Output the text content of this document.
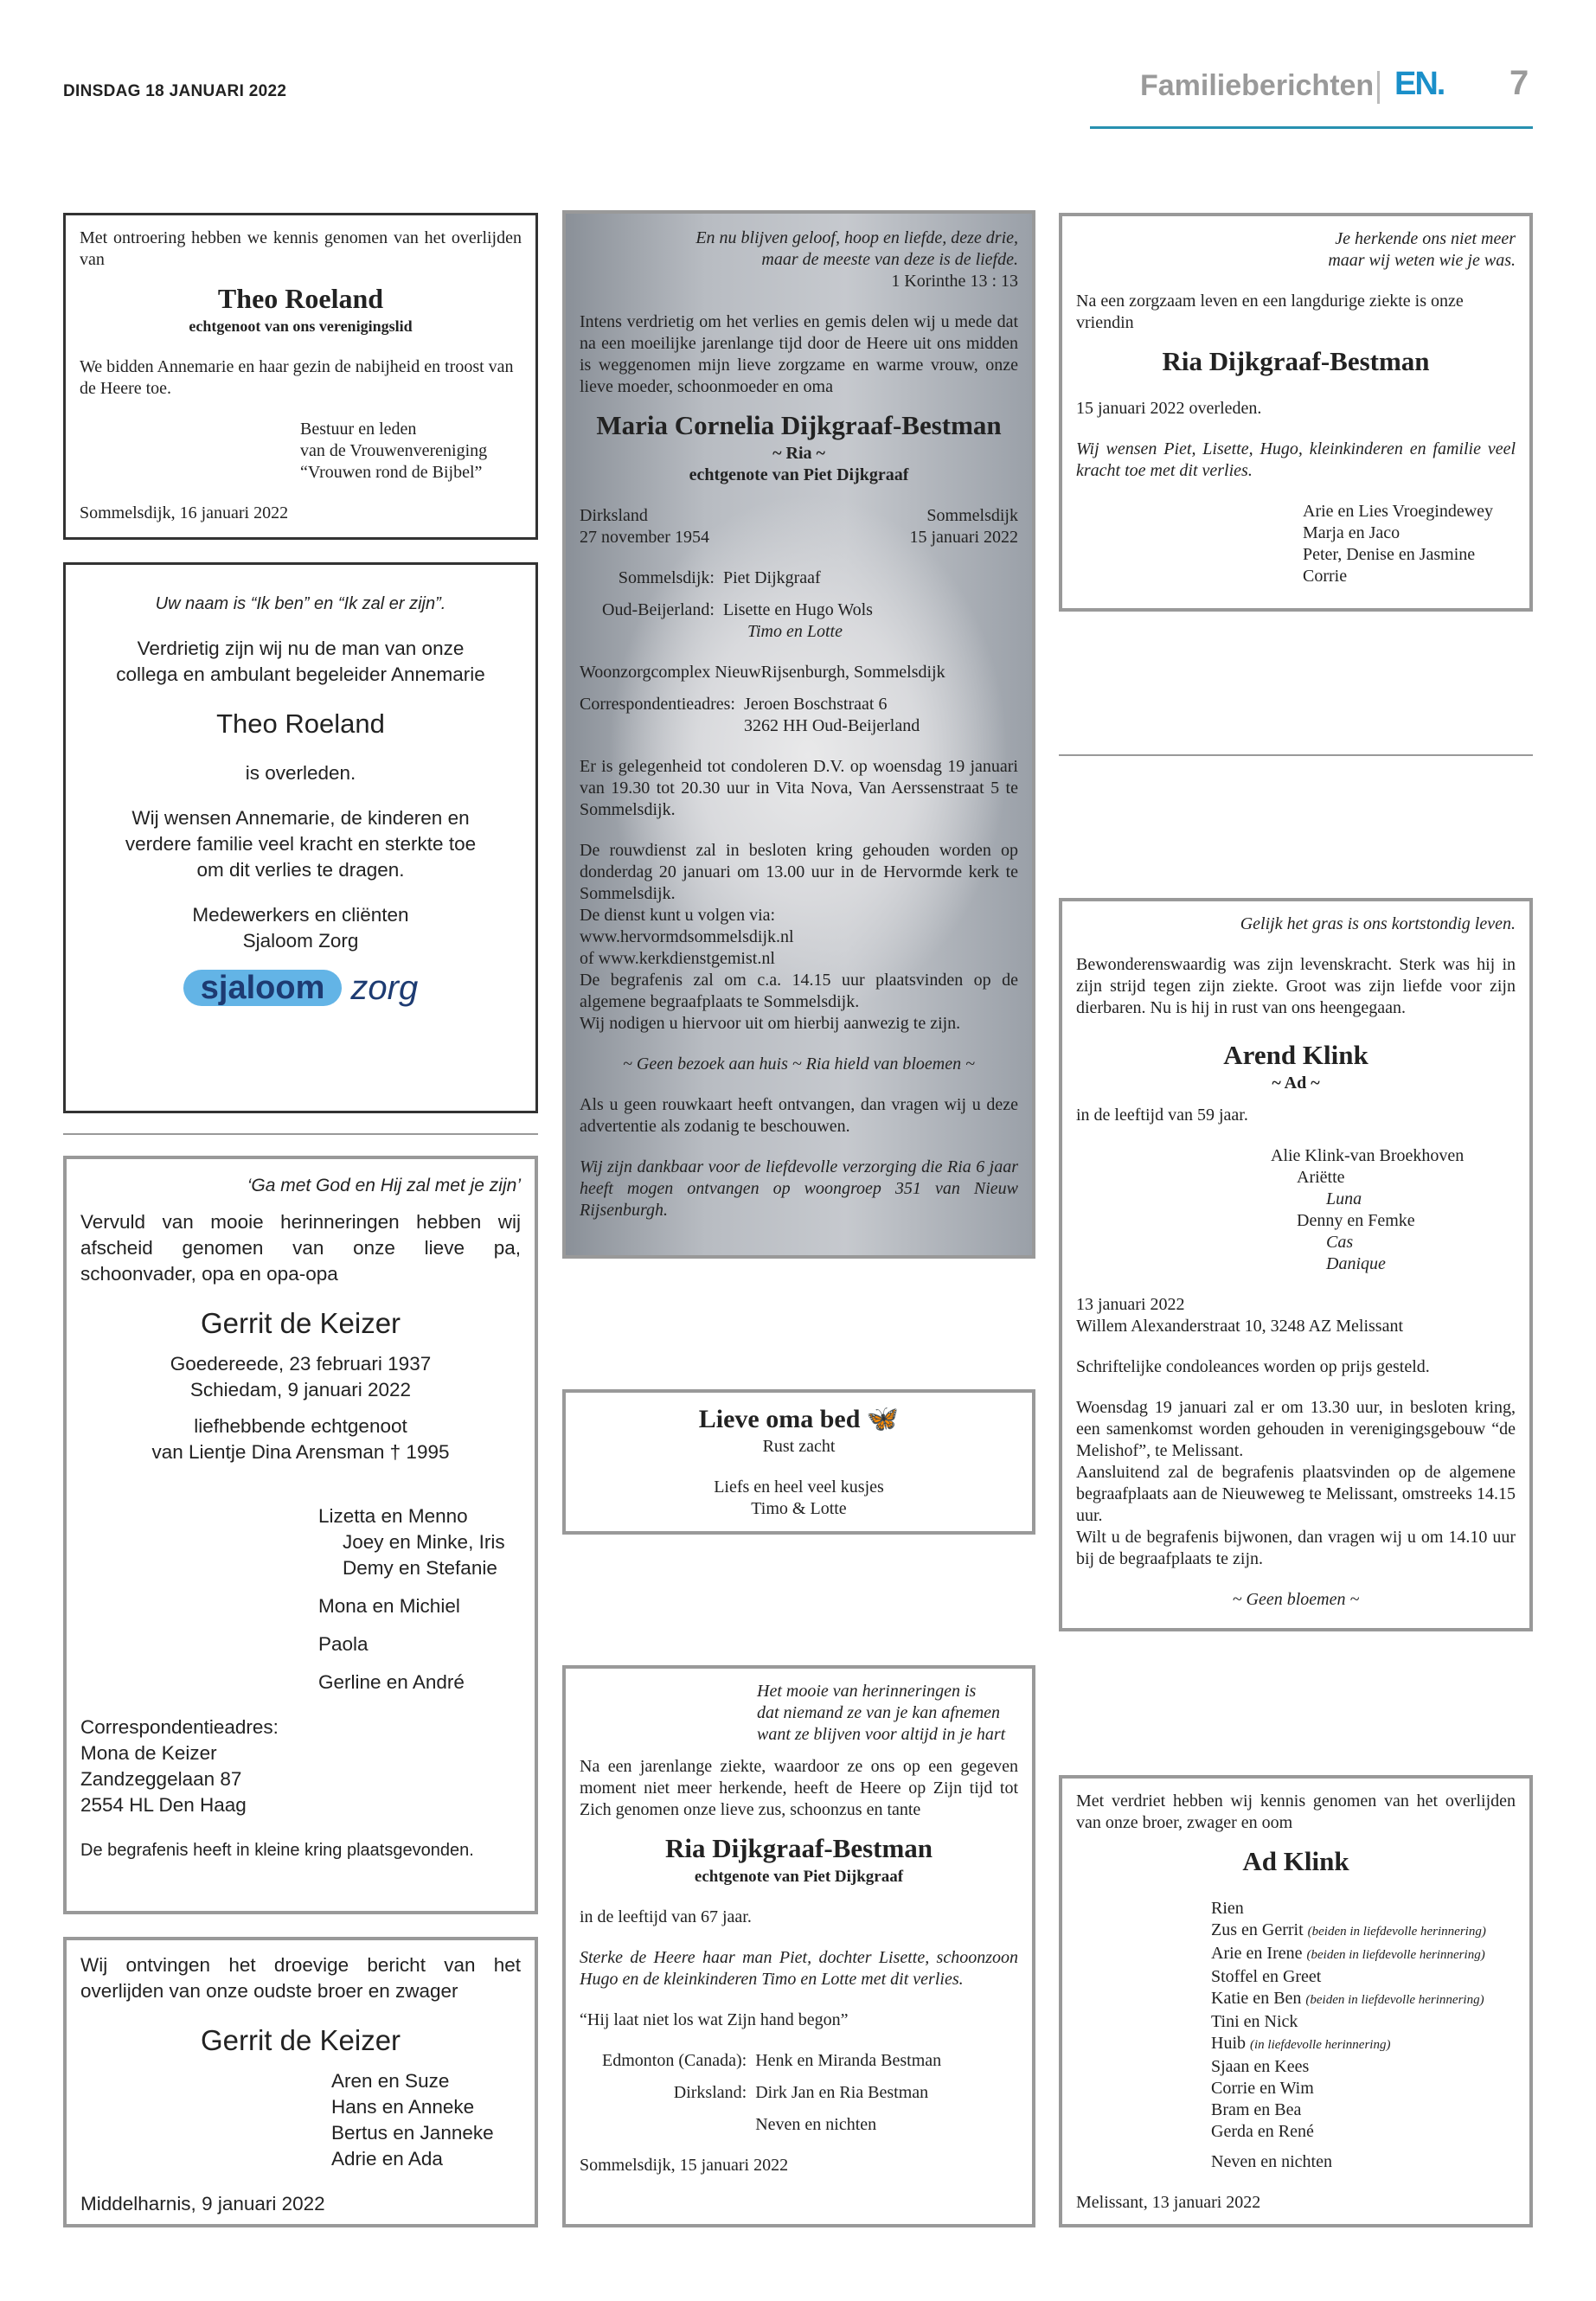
DINSDAG 18 JANUARI 2022	Familieberichten EN. 7

Met ontroering hebben we kennis genomen van het overlijden van

Theo Roeland

echtgenoot van ons verenigingslid

We bidden Annemarie en haar gezin de nabijheid en troost van de Heere toe.

Bestuur en leden
van de Vrouwenvereniging
“Vrouwen rond de Bijbel”

Sommelsdijk, 16 januari 2022

Uw naam is “Ik ben” en “Ik zal er zijn”.

Verdrietig zijn wij nu de man van onze collega en ambulant begeleider Annemarie

Theo Roeland

is overleden.

Wij wensen Annemarie, de kinderen en verdere familie veel kracht en sterkte toe om dit verlies te dragen.

Medewerkers en cliënten

Sjaloom Zorg

sjaloom zorg

‘Ga met God en Hij zal met je zijn’

Vervuld van mooie herinneringen hebben wij afscheid genomen van onze lieve pa, schoonvader, opa en opa-opa

Gerrit de Keizer

Goedereede, 23 februari 1937

Schiedam, 9 januari 2022

liefhebbende echtgenoot

van Lientje Dina Arensman † 1995

Lizetta en Menno

Joey en Minke, Iris

Demy en Stefanie

Mona en Michiel

Paola

Gerline en André

Correspondentieadres:

Mona de Keizer

Zandzeggelaan 87

2554 HL Den Haag

De begrafenis heeft in kleine kring plaatsgevonden.

Wij ontvingen het droevige bericht van het overlijden van onze oudste broer en zwager

Gerrit de Keizer

Aren en Suze

Hans en Anneke

Bertus en Janneke

Adrie en Ada

Middelharnis, 9 januari 2022

En nu blijven geloof, hoop en liefde, deze drie,

maar de meeste van deze is de liefde.

1 Korinthe 13 : 13

Intens verdrietig om het verlies en gemis delen wij u mede dat na een moeilijke jarenlange tijd door de Heere uit ons midden is weggenomen mijn lieve zorgzame en warme vrouw, onze lieve moeder, schoonmoeder en oma

Maria Cornelia Dijkgraaf-Bestman

~ Ria ~

echtgenote van Piet Dijkgraaf

Dirksland

27 november 1954

Sommelsdijk

15 januari 2022

Sommelsdijk: Piet Dijkgraaf
Oud-Beijerland: Lisette en Hugo Wols
Timo en Lotte

Woonzorgcomplex NieuwRijsenburgh, Sommelsdijk

Correspondentieadres: Jeroen Boschstraat 6
3262 HH Oud-Beijerland

Er is gelegenheid tot condoleren D.V. op woensdag 19 januari van 19.30 tot 20.30 uur in Vita Nova, Van Aerssenstraat 5 te Sommelsdijk.

De rouwdienst zal in besloten kring gehouden worden op donderdag 20 januari om 13.00 uur in de Hervormde kerk te Sommelsdijk.

De dienst kunt u volgen via:

www.hervormdsommelsdijk.nl

of www.kerkdienstgemist.nl

De begrafenis zal om c.a. 14.15 uur plaatsvinden op de algemene begraafplaats te Sommelsdijk.

Wij nodigen u hiervoor uit om hierbij aanwezig te zijn.

~ Geen bezoek aan huis ~ Ria hield van bloemen ~

Als u geen rouwkaart heeft ontvangen, dan vragen wij u deze advertentie als zodanig te beschouwen.

Wij zijn dankbaar voor de liefdevolle verzorging die Ria 6 jaar heeft mogen ontvangen op woongroep 351 van Nieuw Rijsenburgh.

Lieve oma bed 🦋

Rust zacht

Liefs en heel veel kusjes

Timo & Lotte

Het mooie van herinneringen is

dat niemand ze van je kan afnemen

want ze blijven voor altijd in je hart

Na een jarenlange ziekte, waardoor ze ons op een gegeven moment niet meer herkende, heeft de Heere op Zijn tijd tot Zich genomen onze lieve zus, schoonzus en tante

Ria Dijkgraaf-Bestman

echtgenote van Piet Dijkgraaf

in de leeftijd van 67 jaar.

Sterke de Heere haar man Piet, dochter Lisette, schoonzoon Hugo en de kleinkinderen Timo en Lotte met dit verlies.

“Hij laat niet los wat Zijn hand begon”

Edmonton (Canada): Henk en Miranda Bestman
Dirksland: Dirk Jan en Ria Bestman
Neven en nichten

Sommelsdijk, 15 januari 2022

Je herkende ons niet meer

maar wij weten wie je was.

Na een zorgzaam leven en een langdurige ziekte is onze vriendin

Ria Dijkgraaf-Bestman

15 januari 2022 overleden.

Wij wensen Piet, Lisette, Hugo, kleinkinderen en familie veel kracht toe met dit verlies.

Arie en Lies Vroegindewey

Marja en Jaco

Peter, Denise en Jasmine

Corrie

Gelijk het gras is ons kortstondig leven.

Bewonderenswaardig was zijn levenskracht. Sterk was hij in zijn strijd tegen zijn ziekte. Groot was zijn liefde voor zijn dierbaren. Nu is hij in rust van ons heengegaan.

Arend Klink

~ Ad ~

in de leeftijd van 59 jaar.

Alie Klink-van Broekhoven

Ariëtte

Luna

Denny en Femke

Cas

Danique

13 januari 2022

Willem Alexanderstraat 10, 3248 AZ Melissant

Schriftelijke condoleances worden op prijs gesteld.

Woensdag 19 januari zal er om 13.30 uur, in besloten kring, een samenkomst worden gehouden in verenigingsgebouw “de Melishof”, te Melissant.

Aansluitend zal de begrafenis plaatsvinden op de algemene begraafplaats aan de Nieuweweg te Melissant, omstreeks 14.15 uur.

Wilt u de begrafenis bijwonen, dan vragen wij u om 14.10 uur bij de begraafplaats te zijn.

~ Geen bloemen ~

Met verdriet hebben wij kennis genomen van het overlijden van onze broer, zwager en oom

Ad Klink

Rien

Zus en Gerrit (beiden in liefdevolle herinnering)

Arie en Irene (beiden in liefdevolle herinnering)

Stoffel en Greet

Katie en Ben (beiden in liefdevolle herinnering)

Tini en Nick

Huib (in liefdevolle herinnering)

Sjaan en Kees

Corrie en Wim

Bram en Bea

Gerda en René

Neven en nichten

Melissant, 13 januari 2022
